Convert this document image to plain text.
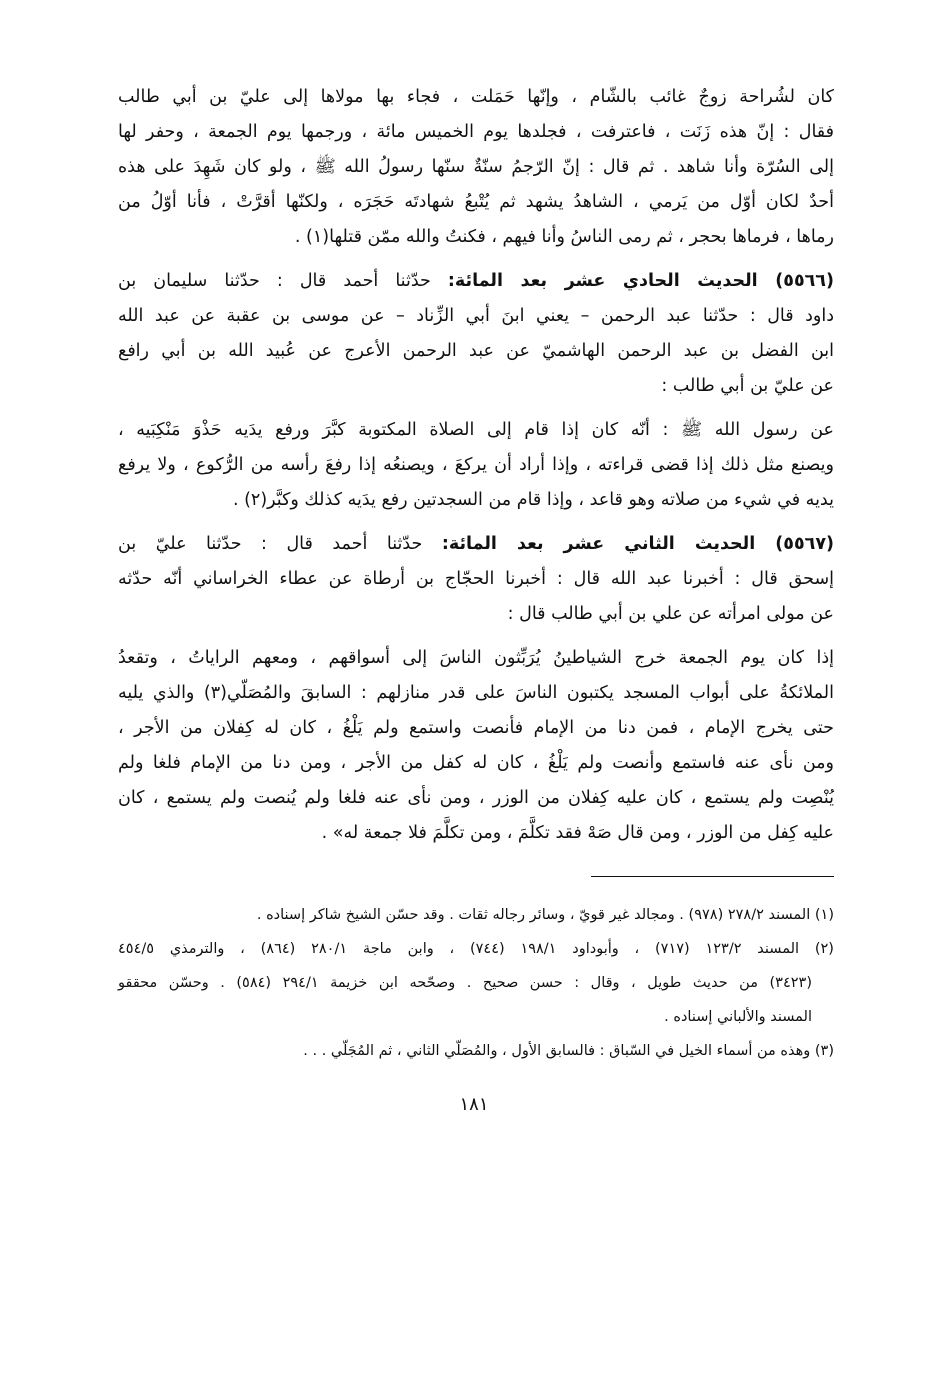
كان لشُراحة زوجٌ غائب بالشّام ، وإنّها حَمَلت ، فجاء بها مولاها إلى عليّ بن أبي طالب
فقال : إنّ هذه زَنَت ، فاعترفت ، فجلدها يوم الخميس مائة ، ورجمها يوم الجمعة ، وحفر لها
إلى السُرّة وأنا شاهد . ثم قال : إنّ الرّجمُ سنّةٌ سنّها رسولُ الله ﷺ ، ولو كان شَهِدَ على هذه
أحدٌ لكان أوّل من يَرمي ، الشاهدُ يشهد ثم يُتْبعُ شهادتَه حَجَرَه ، ولكنّها أقرَّتْ ، فأنا أوّلُ من
رماها ، فرماها بحجر ، ثم رمى الناسُ وأنا فيهم ، فكنتُ والله ممّن قتلها(١) .
(٥٥٦٦) الحديث الحادي عشر بعد المائة: حدّثنا أحمد قال : حدّثنا سليمان بن
داود قال : حدّثنا عبد الرحمن – يعني ابنَ أبي الزِّناد – عن موسى بن عقبة عن عبد الله
ابن الفضل بن عبد الرحمن الهاشميّ عن عبد الرحمن الأعرج عن عُبيد الله بن أبي رافع
عن عليّ بن أبي طالب :
عن رسول الله ﷺ : أنّه كان إذا قام إلى الصلاة المكتوبة كبَّرَ ورفع يدَيه حَذْوَ مَنْكِبَيه ،
ويصنع مثل ذلك إذا قضى قراءته ، وإذا أراد أن يركعَ ، ويصنعُه إذا رفعَ رأسه من الرُّكوع ، ولا يرفع
يديه في شيء من صلاته وهو قاعد ، وإذا قام من السجدتين رفع يدَيه كذلك وكبَّر(٢) .
(٥٥٦٧) الحديث الثاني عشر بعد المائة: حدّثنا أحمد قال : حدّثنا عليّ بن
إسحق قال : أخبرنا عبد الله قال : أخبرنا الحجّاج بن أرطاة عن عطاء الخراساني أنّه حدّثه
عن مولى امرأته عن علي بن أبي طالب قال :
إذا كان يوم الجمعة خرج الشياطينُ يُرَبِّثون الناسَ إلى أسواقهم ، ومعهم الراياتُ ، وتقعدُ
الملائكةُ على أبواب المسجد يكتبون الناسَ على قدر منازلهم : السابقَ والمُصَلّي(٣) والذي يليه
حتى يخرج الإمام ، فمن دنا من الإمام فأنصت واستمع ولم يَلْغُ ، كان له كِفلان من الأجر ،
ومن نأى عنه فاستمع وأنصت ولم يَلْغُ ، كان له كفل من الأجر ، ومن دنا من الإمام فلغا ولم
يُنْصِت ولم يستمع ، كان عليه كِفلان من الوزر ، ومن نأى عنه فلغا ولم يُنصت ولم يستمع ، كان
عليه كِفل من الوزر ، ومن قال صَهْ فقد تكلَّمَ ، ومن تكلَّمَ فلا جمعة له» .
(١) المسند ٢٧٨/٢ (٩٧٨) . ومجالد غير قويّ ، وسائر رجاله ثقات . وقد حسّن الشيخ شاكر إسناده .
(٢) المسند ١٢٣/٢ (٧١٧) ، وأبوداود ١٩٨/١ (٧٤٤) ، وابن ماجة ٢٨٠/١ (٨٦٤) ، والترمذي ٤٥٤/٥
(٣٤٢٣) من حديث طويل ، وقال : حسن صحيح . وصحّحه ابن خزيمة ٢٩٤/١ (٥٨٤) . وحسّن محققو
المسند والألباني إسناده .
(٣) وهذه من أسماء الخيل في السّباق : فالسابق الأول ، والمُصَلّي الثاني ، ثم المُجَلّي . . .
١٨١
